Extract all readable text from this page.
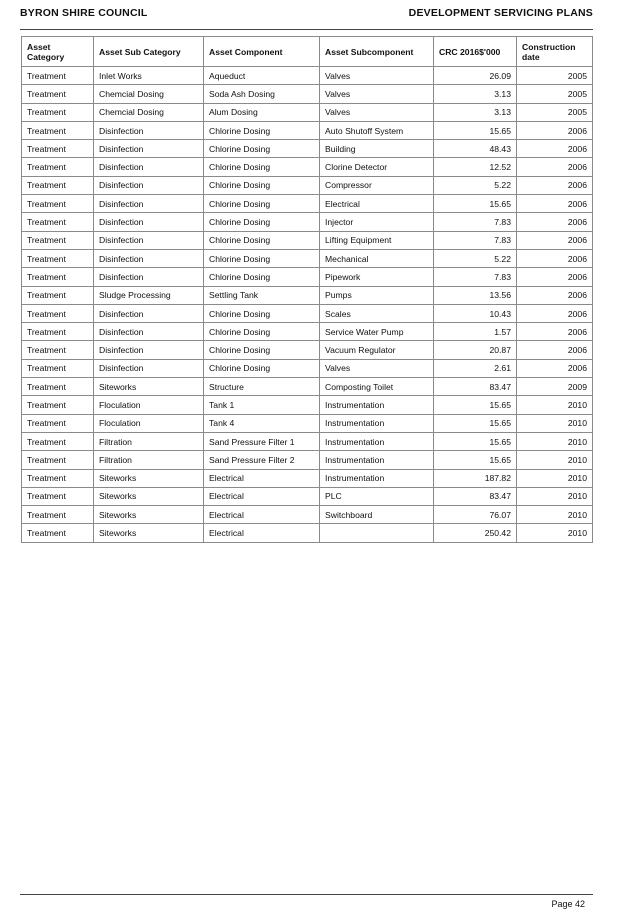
BYRON SHIRE COUNCIL	DEVELOPMENT SERVICING PLANS
Asset Category	Asset Sub Category	Asset Component	Asset Subcomponent	CRC 2016$'000	Construction date
Treatment	Inlet Works	Aqueduct	Valves	26.09	2005
Treatment	Chemcial Dosing	Soda Ash Dosing	Valves	3.13	2005
Treatment	Chemcial Dosing	Alum Dosing	Valves	3.13	2005
Treatment	Disinfection	Chlorine Dosing	Auto Shutoff System	15.65	2006
Treatment	Disinfection	Chlorine Dosing	Building	48.43	2006
Treatment	Disinfection	Chlorine Dosing	Clorine Detector	12.52	2006
Treatment	Disinfection	Chlorine Dosing	Compressor	5.22	2006
Treatment	Disinfection	Chlorine Dosing	Electrical	15.65	2006
Treatment	Disinfection	Chlorine Dosing	Injector	7.83	2006
Treatment	Disinfection	Chlorine Dosing	Lifting Equipment	7.83	2006
Treatment	Disinfection	Chlorine Dosing	Mechanical	5.22	2006
Treatment	Disinfection	Chlorine Dosing	Pipework	7.83	2006
Treatment	Sludge Processing	Settling Tank	Pumps	13.56	2006
Treatment	Disinfection	Chlorine Dosing	Scales	10.43	2006
Treatment	Disinfection	Chlorine Dosing	Service Water Pump	1.57	2006
Treatment	Disinfection	Chlorine Dosing	Vacuum Regulator	20.87	2006
Treatment	Disinfection	Chlorine Dosing	Valves	2.61	2006
Treatment	Siteworks	Structure	Composting Toilet	83.47	2009
Treatment	Floculation	Tank 1	Instrumentation	15.65	2010
Treatment	Floculation	Tank 4	Instrumentation	15.65	2010
Treatment	Filtration	Sand Pressure Filter 1	Instrumentation	15.65	2010
Treatment	Filtration	Sand Pressure Filter 2	Instrumentation	15.65	2010
Treatment	Siteworks	Electrical	Instrumentation	187.82	2010
Treatment	Siteworks	Electrical	PLC	83.47	2010
Treatment	Siteworks	Electrical	Switchboard	76.07	2010
Treatment	Siteworks	Electrical		250.42	2010
Page 42
